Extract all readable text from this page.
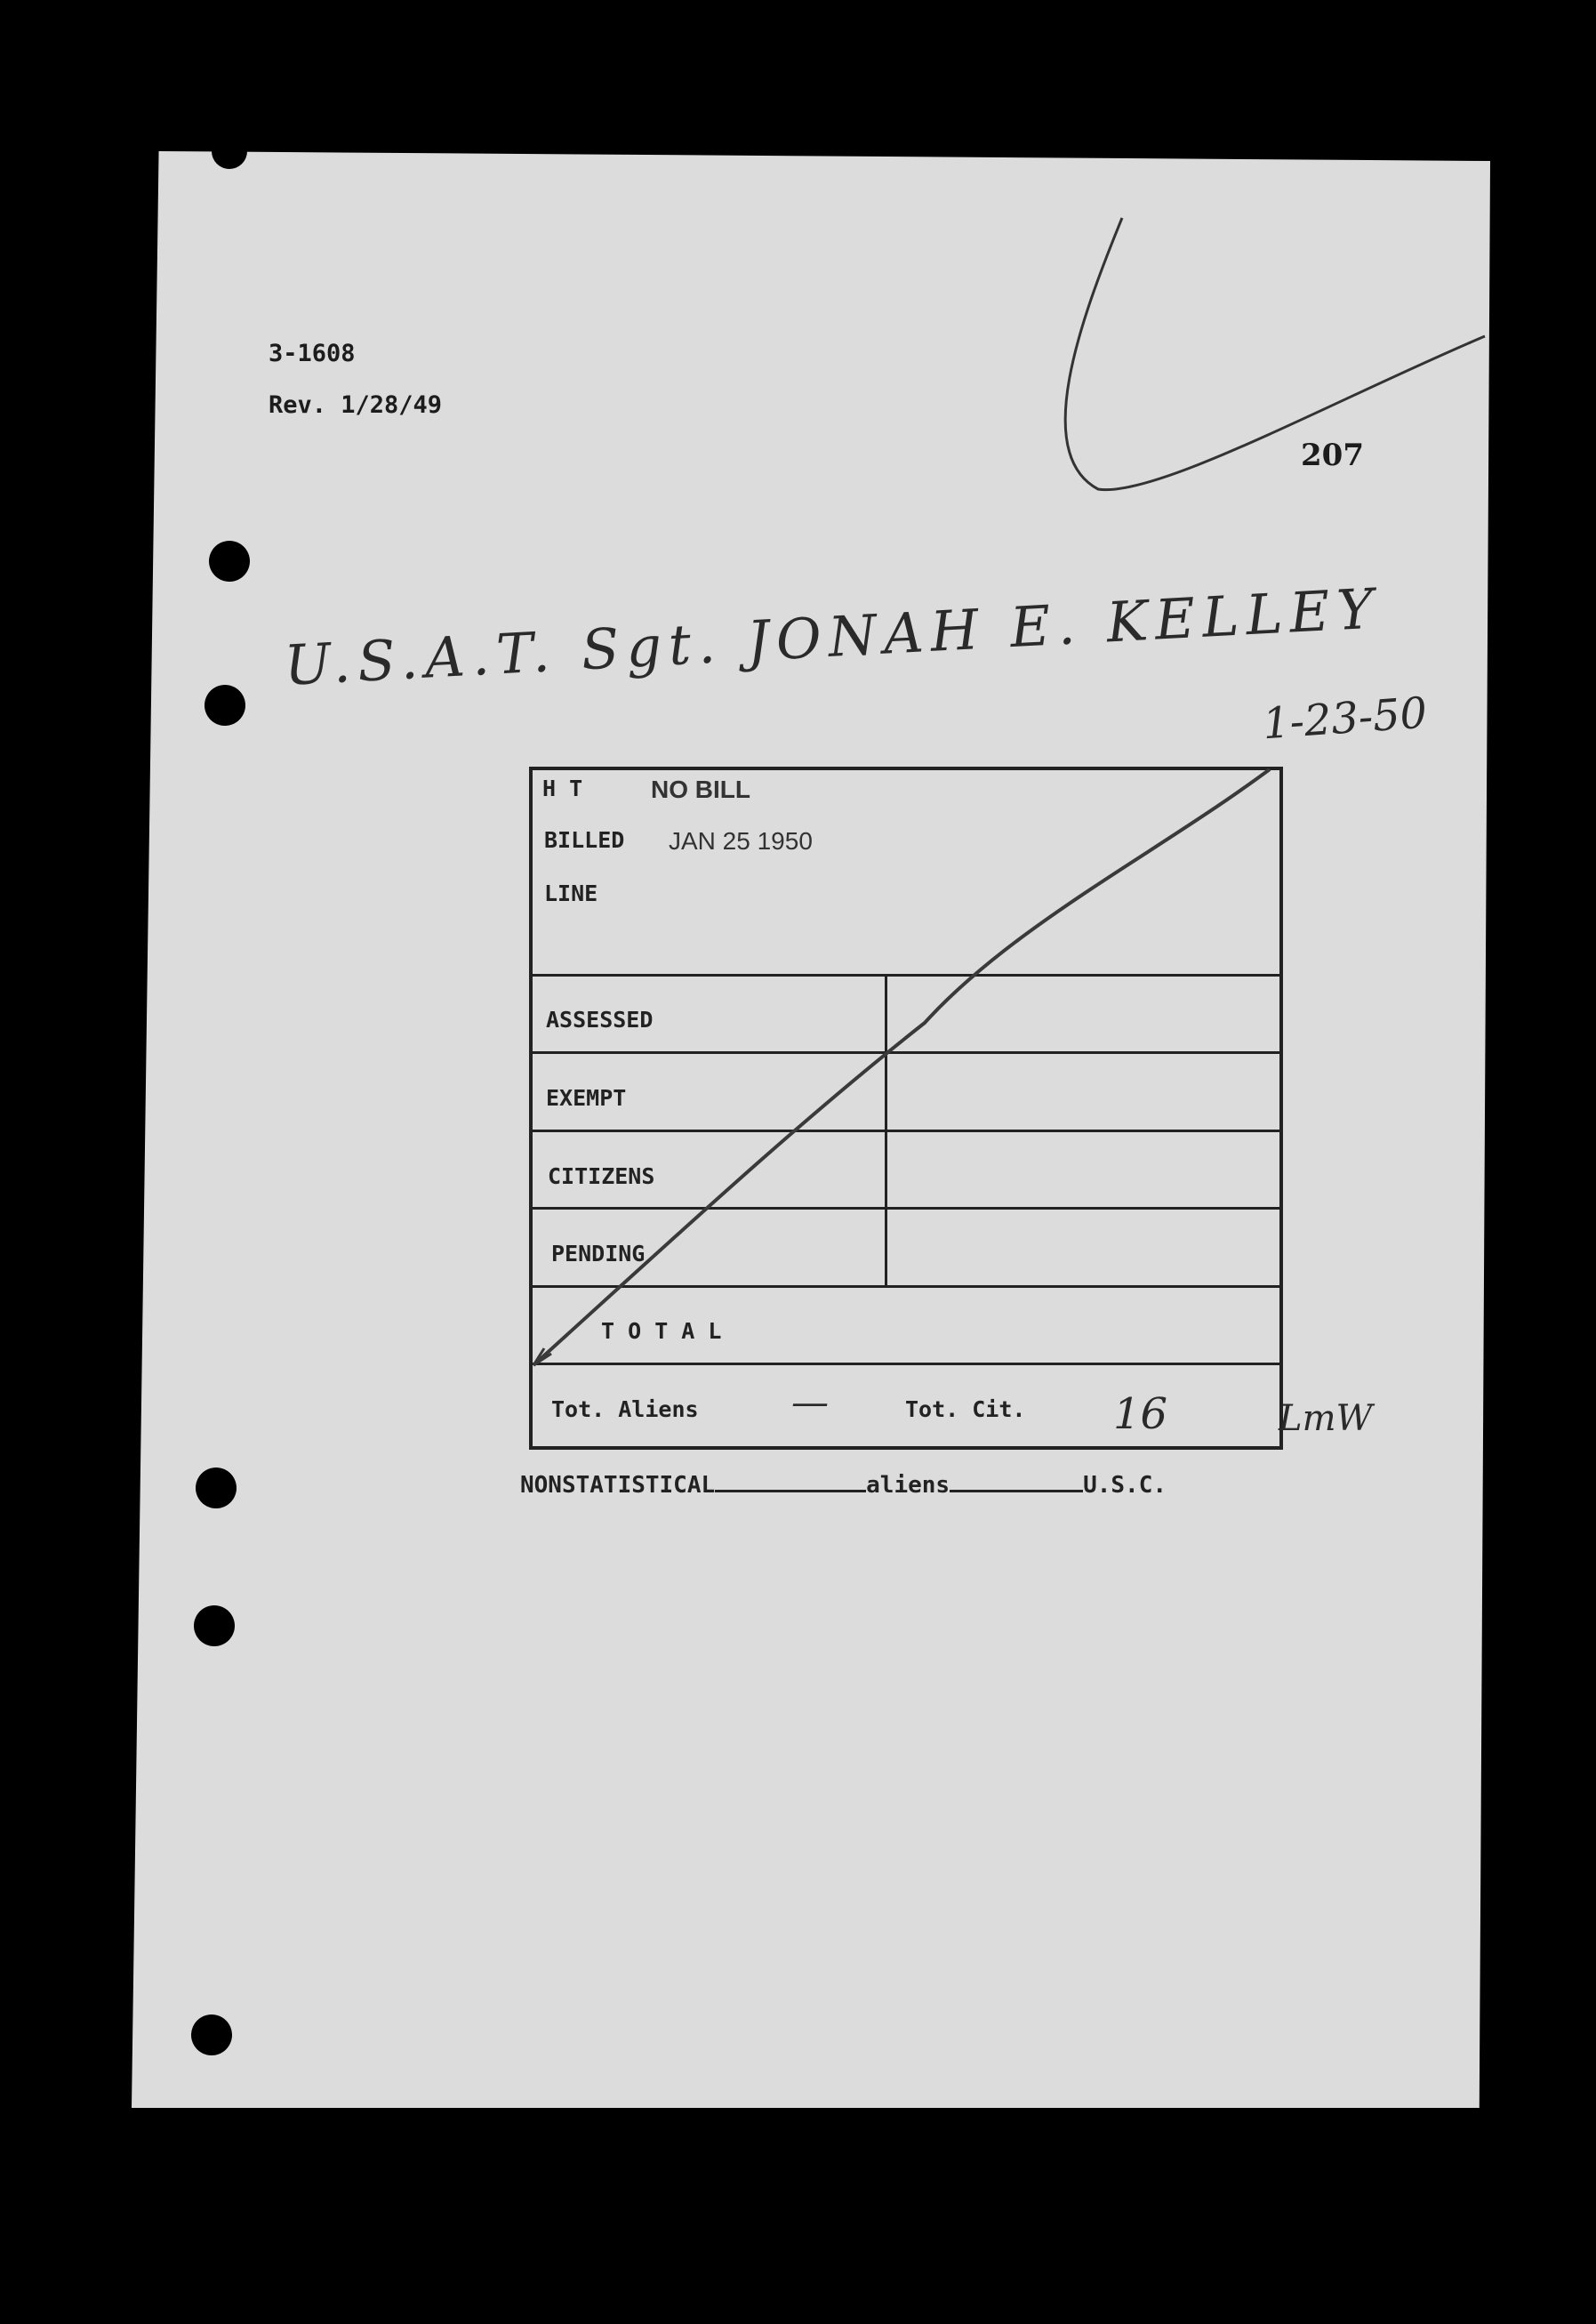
3-1608
Rev. 1/28/49
207
U.S.A.T. Sgt. JONAH E. KELLEY
1-23-50
H T	NO BILL
BILLED JAN 25 1950
LINE
ASSESSED
EXEMPT
CITIZENS
PENDING
T O T A L
Tot. Aliens —	Tot. Cit. 16	LmW
NONSTATISTICAL	aliens	U.S.C.
